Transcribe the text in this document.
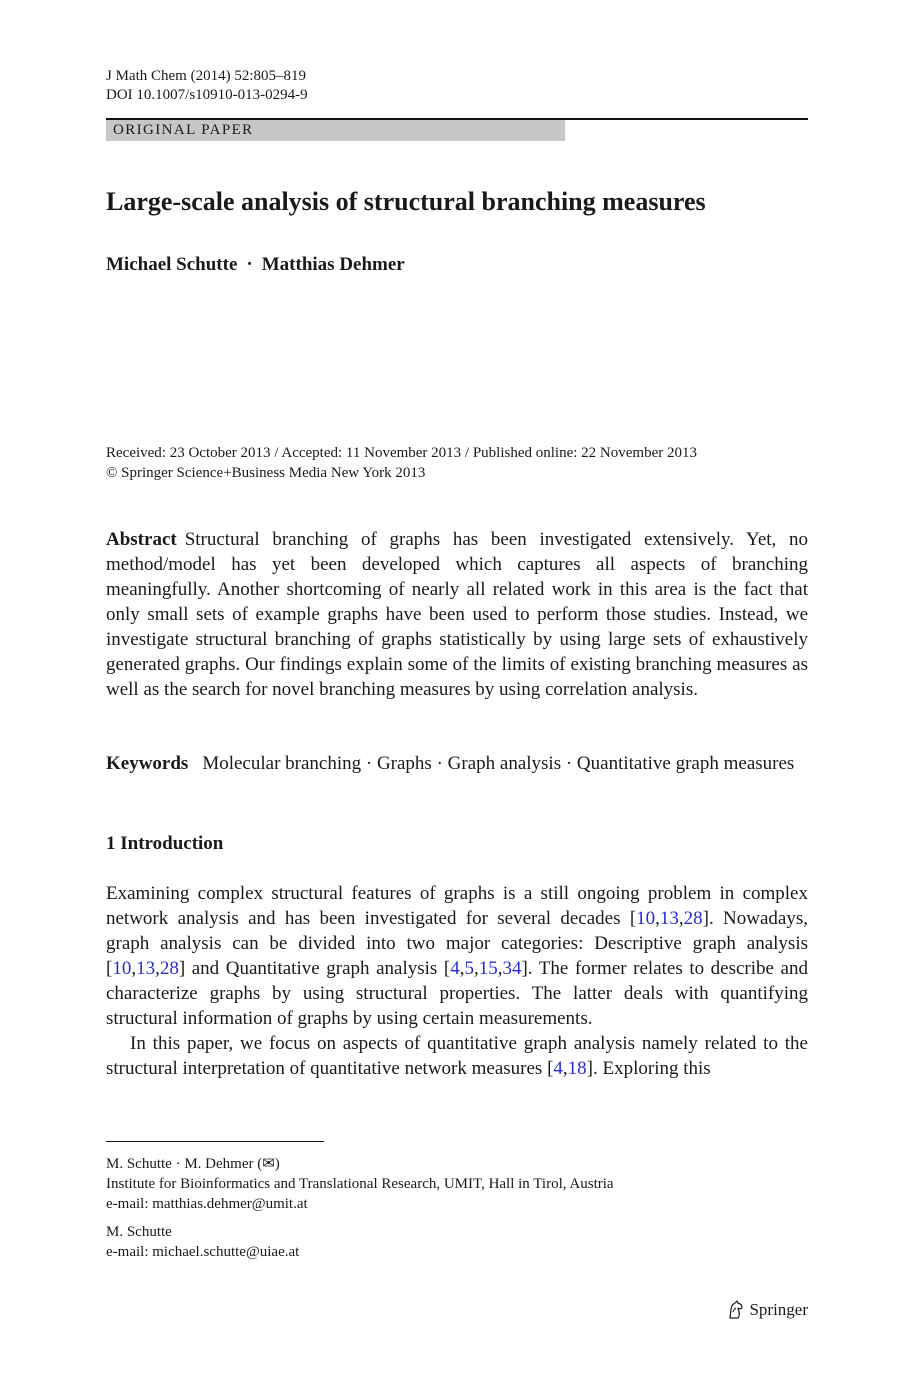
J Math Chem (2014) 52:805–819
DOI 10.1007/s10910-013-0294-9
ORIGINAL PAPER
Large-scale analysis of structural branching measures
Michael Schutte · Matthias Dehmer
Received: 23 October 2013 / Accepted: 11 November 2013 / Published online: 22 November 2013
© Springer Science+Business Media New York 2013

Abstract Structural branching of graphs has been investigated extensively. Yet, no method/model has yet been developed which captures all aspects of branching meaningfully. Another shortcoming of nearly all related work in this area is the fact that only small sets of example graphs have been used to perform those studies. Instead, we investigate structural branching of graphs statistically by using large sets of exhaustively generated graphs. Our findings explain some of the limits of existing branching measures as well as the search for novel branching measures by using correlation analysis.

Keywords Molecular branching · Graphs · Graph analysis · Quantitative graph measures

1 Introduction

Examining complex structural features of graphs is a still ongoing problem in complex network analysis and has been investigated for several decades [10,13,28]. Nowadays, graph analysis can be divided into two major categories: Descriptive graph analysis [10,13,28] and Quantitative graph analysis [4,5,15,34]. The former relates to describe and characterize graphs by using structural properties. The latter deals with quantifying structural information of graphs by using certain measurements.

In this paper, we focus on aspects of quantitative graph analysis namely related to the structural interpretation of quantitative network measures [4,18]. Exploring this

M. Schutte · M. Dehmer (✉)
Institute for Bioinformatics and Translational Research, UMIT, Hall in Tirol, Austria
e-mail: matthias.dehmer@umit.at
M. Schutte
e-mail: michael.schutte@uiae.at
Springer
